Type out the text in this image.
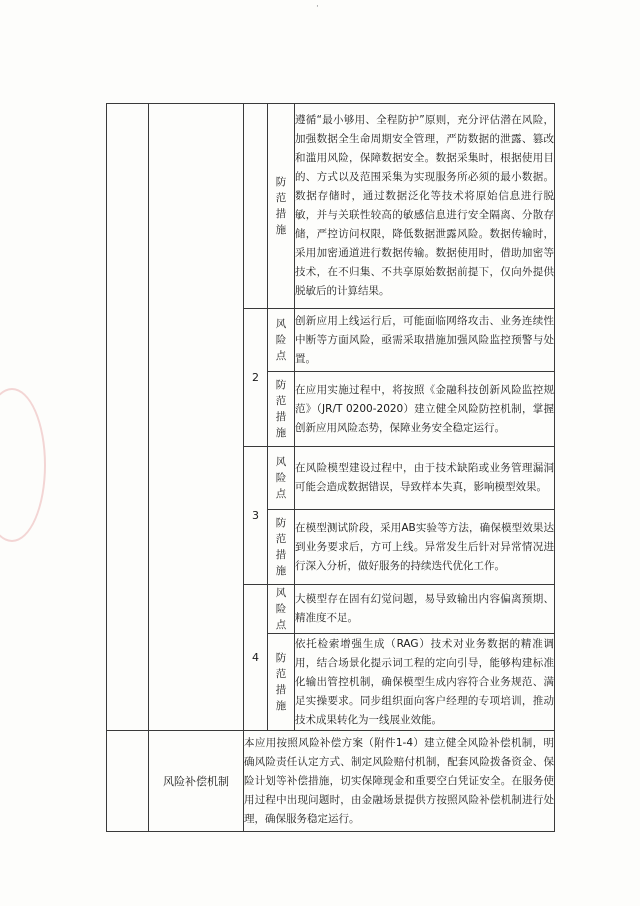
·

			防范措施	遵循“最小够用、全程防护”原则，充分评估潜在风险，加强数据全生命周期安全管理，严防数据的泄露、篡改和滥用风险，保障数据安全。数据采集时，根据使用目的、方式以及范围采集为实现服务所必须的最小数据。数据存储时，通过数据泛化等技术将原始信息进行脱敏，并与关联性较高的敏感信息进行安全隔离、分散存储，严控访问权限，降低数据泄露风险。数据传输时，采用加密通道进行数据传输。数据使用时，借助加密等技术，在不归集、不共享原始数据前提下，仅向外提供脱敏后的计算结果。
		2	风险点	创新应用上线运行后，可能面临网络攻击、业务连续性中断等方面风险，亟需采取措施加强风险监控预警与处置。

			防范措施	在应用实施过程中，将按照《金融科技创新风险监控规范》（JR/T 0200-2020）建立健全风险防控机制，掌握创新应用风险态势，保障业务安全稳定运行。
		3	风险点	在风险模型建设过程中，由于技术缺陷或业务管理漏洞可能会造成数据错误，导致样本失真，影响模型效果。

			防范措施	在模型测试阶段，采用AB实验等方法，确保模型效果达到业务要求后，方可上线。异常发生后针对异常情况进行深入分析，做好服务的持续迭代优化工作。
		4	风险点	大模型存在固有幻觉问题，易导致输出内容偏离预期、精准度不足。

			防范措施	依托检索增强生成（RAG）技术对业务数据的精准调用，结合场景化提示词工程的定向引导，能够构建标准化输出管控机制，确保模型生成内容符合业务规范、满足实操要求。同步组织面向客户经理的专项培训，推动技术成果转化为一线展业效能。

	风险补偿机制	本应用按照风险补偿方案（附件1-4）建立健全风险补偿机制，明确风险责任认定方式、制定风险赔付机制，配套风险拨备资金、保险计划等补偿措施，切实保障现金和重要空白凭证安全。在服务使用过程中出现问题时，由金融场景提供方按照风险补偿机制进行处理，确保服务稳定运行。		
